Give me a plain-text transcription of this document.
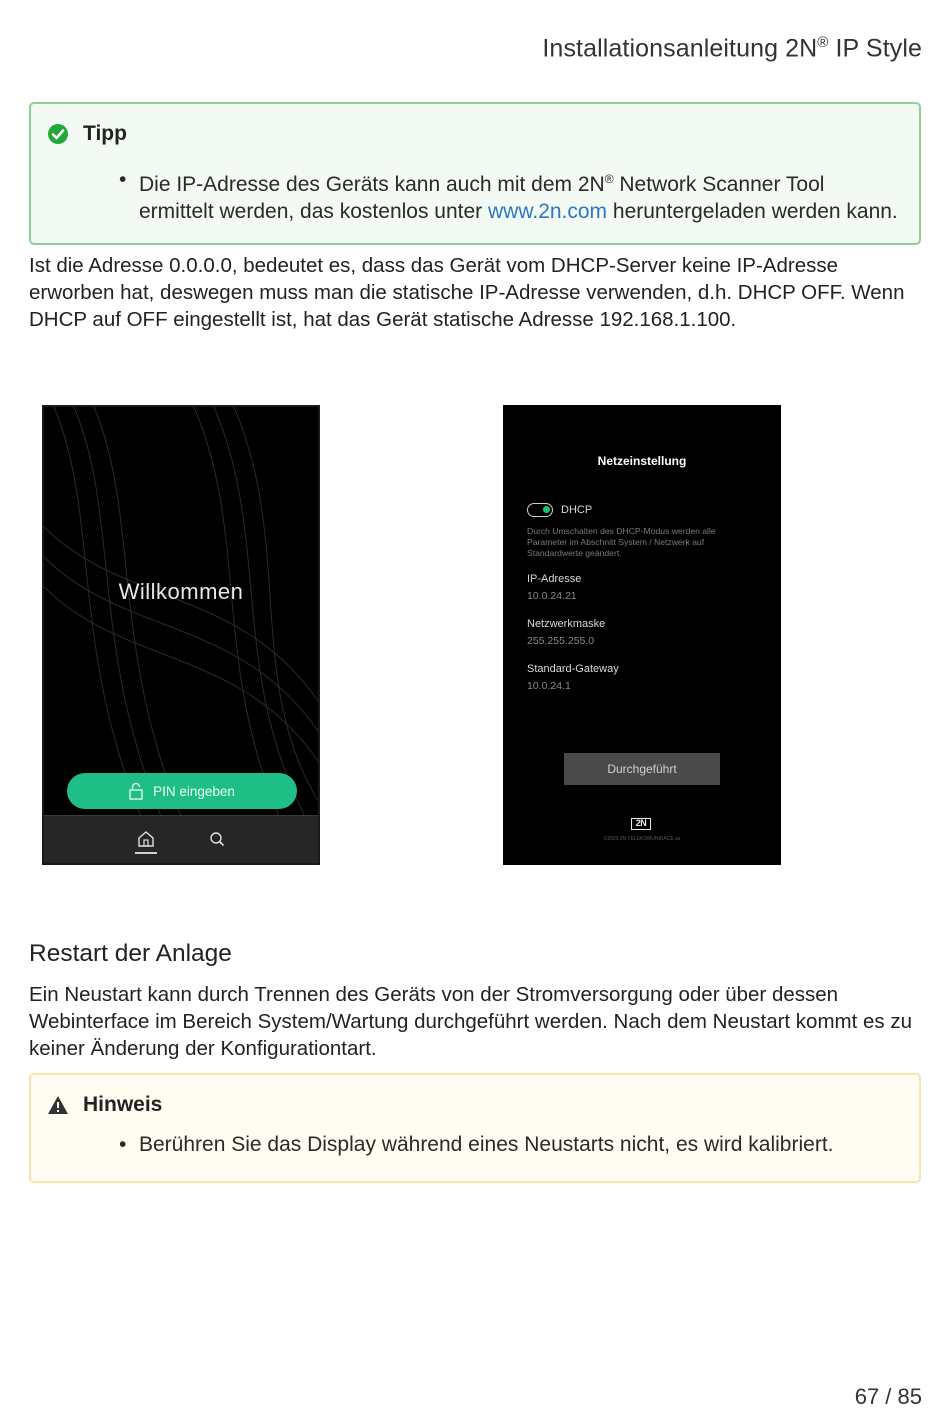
Installationsanleitung 2N® IP Style
Tipp
• Die IP-Adresse des Geräts kann auch mit dem 2N® Network Scanner Tool ermittelt werden, das kostenlos unter www.2n.com heruntergeladen werden kann.

Ist die Adresse 0.0.0.0, bedeutet es, dass das Gerät vom DHCP-Server keine IP-Adresse erworben hat, deswegen muss man die statische IP-Adresse verwenden, d.h. DHCP OFF. Wenn DHCP auf OFF eingestellt ist, hat das Gerät statische Adresse 192.168.1.100.

Willkommen
PIN eingeben
Netzeinstellung
DHCP
Durch Umschalten des DHCP-Modus werden alle Parameter im Abschnitt System / Netzwerk auf Standardwerte geändert.
IP-Adresse
10.0.24.21
Netzwerkmaske
255.255.255.0
Standard-Gateway
10.0.24.1
Durchgeführt
2N
©2020 2N TELEKOMUNIKACE as
Restart der Anlage

Ein Neustart kann durch Trennen des Geräts von der Stromversorgung oder über dessen Webinterface im Bereich System/Wartung durchgeführt werden. Nach dem Neustart kommt es zu keiner Änderung der Konfigurationtart.

Hinweis
• Berühren Sie das Display während eines Neustarts nicht, es wird kalibriert.
67 / 85
